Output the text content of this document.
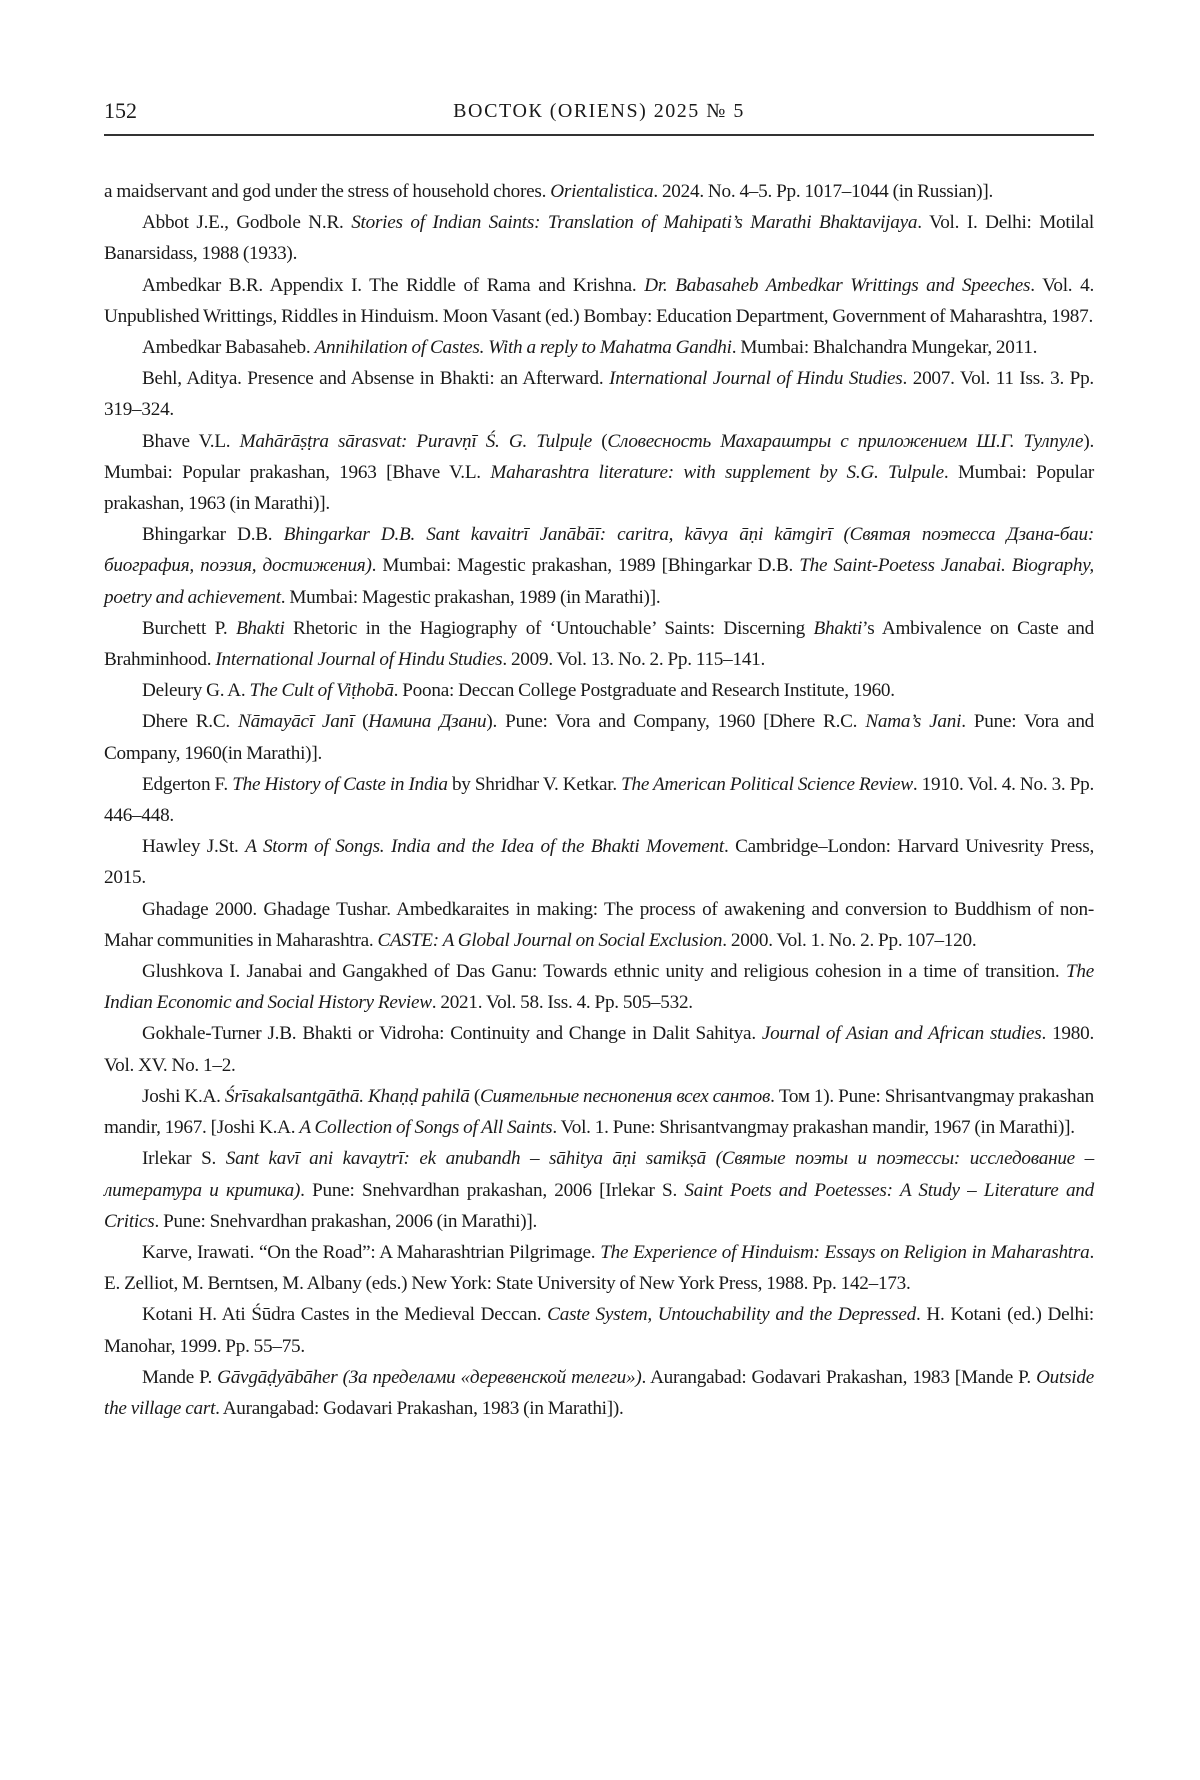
152	ВОСТОК (ORIENS) 2025 № 5

a maidservant and god under the stress of household chores. Orientalistica. 2024. No. 4–5. Pp. 1017–1044 (in Russian)].

Abbot J.E., Godbole N.R. Stories of Indian Saints: Translation of Mahipati’s Marathi Bhaktavijaya. Vol. I. Delhi: Motilal Banarsidass, 1988 (1933).

Ambedkar B.R. Appendix I. The Riddle of Rama and Krishna. Dr. Babasaheb Ambedkar Writtings and Speeches. Vol. 4. Unpublished Writtings, Riddles in Hinduism. Moon Vasant (ed.) Bombay: Education Department, Government of Maharashtra, 1987.

Ambedkar Babasaheb. Annihilation of Castes. With a reply to Mahatma Gandhi. Mumbai: Bhalchandra Mungekar, 2011.

Behl, Aditya. Presence and Absense in Bhakti: an Afterward. International Journal of Hindu Studies. 2007. Vol. 11 Iss. 3. Pp. 319–324.

Bhave V.L. Mahārāṣṭra sārasvat: Puravṇī Ś. G. Tulpuḷe (Словесность Махараштры с приложением Ш.Г. Тулпуле). Mumbai: Popular prakashan, 1963 [Bhave V.L. Maharashtra literature: with supplement by S.G. Tulpule. Mumbai: Popular prakashan, 1963 (in Marathi)].

Bhingarkar D.B. Bhingarkar D.B. Sant kavaitrī Janābāī: caritra, kāvya āṇi kāmgirī (Святая поэтесса Дзана-баи: биография, поэзия, достижения). Mumbai: Magestic prakashan, 1989 [Bhingarkar D.B. The Saint-Poetess Janabai. Biography, poetry and achievement. Mumbai: Magestic prakashan, 1989 (in Marathi)].

Burchett P. Bhakti Rhetoric in the Hagiography of ‘Untouchable’ Saints: Discerning Bhakti’s Ambivalence on Caste and Brahminhood. International Journal of Hindu Studies. 2009. Vol. 13. No. 2. Pp. 115–141.

Deleury G. A. The Cult of Viṭhobā. Poona: Deccan College Postgraduate and Research Institute, 1960.

Dhere R.C. Nāmayācī Janī (Намина Дзани). Pune: Vora and Company, 1960 [Dhere R.C. Nama’s Jani. Pune: Vora and Company, 1960(in Marathi)].

Edgerton F. The History of Caste in India by Shridhar V. Ketkar. The American Political Science Review. 1910. Vol. 4. No. 3. Pp. 446–448.

Hawley J.St. A Storm of Songs. India and the Idea of the Bhakti Movement. Cambridge–London: Harvard Univesrity Press, 2015.

Ghadage 2000. Ghadage Tushar. Ambedkaraites in making: The process of awakening and conversion to Buddhism of non-Mahar communities in Maharashtra. CASTE: A Global Journal on Social Exclusion. 2000. Vol. 1. No. 2. Pp. 107–120.

Glushkova I. Janabai and Gangakhed of Das Ganu: Towards ethnic unity and religious cohesion in a time of transition. The Indian Economic and Social History Review. 2021. Vol. 58. Iss. 4. Pp. 505–532.

Gokhale-Turner J.B. Bhakti or Vidroha: Continuity and Change in Dalit Sahitya. Journal of Asian and African studies. 1980. Vol. XV. No. 1–2.

Joshi K.A. Śrīsakalsantgāthā. Khaṇḍ pahilā (Сиятельные песнопения всех сантов. Том 1). Pune: Shrisantvangmay prakashan mandir, 1967. [Joshi K.A. A Collection of Songs of All Saints. Vol. 1. Pune: Shrisantvangmay prakashan mandir, 1967 (in Marathi)].

Irlekar S. Sant kavī ani kavaytrī: ek anubandh – sāhitya āṇi samikṣā (Святые поэты и поэтессы: исследование – литература и критика). Pune: Snehvardhan prakashan, 2006 [Irlekar S. Saint Poets and Poetesses: A Study – Literature and Critics. Pune: Snehvardhan prakashan, 2006 (in Marathi)].

Karve, Irawati. “On the Road”: A Maharashtrian Pilgrimage. The Experience of Hinduism: Essays on Religion in Maharashtra. E. Zelliot, M. Berntsen, M. Albany (eds.) New York: State University of New York Press, 1988. Pp. 142–173.

Kotani H. Ati Śūdra Castes in the Medieval Deccan. Caste System, Untouchability and the Depressed. H. Kotani (ed.) Delhi: Manohar, 1999. Pp. 55–75.

Mande P. Gāvgāḍyābāher (За пределами «деревенской телеги»). Aurangabad: Godavari Prakashan, 1983 [Mande P. Outside the village cart. Aurangabad: Godavari Prakashan, 1983 (in Marathi]).
